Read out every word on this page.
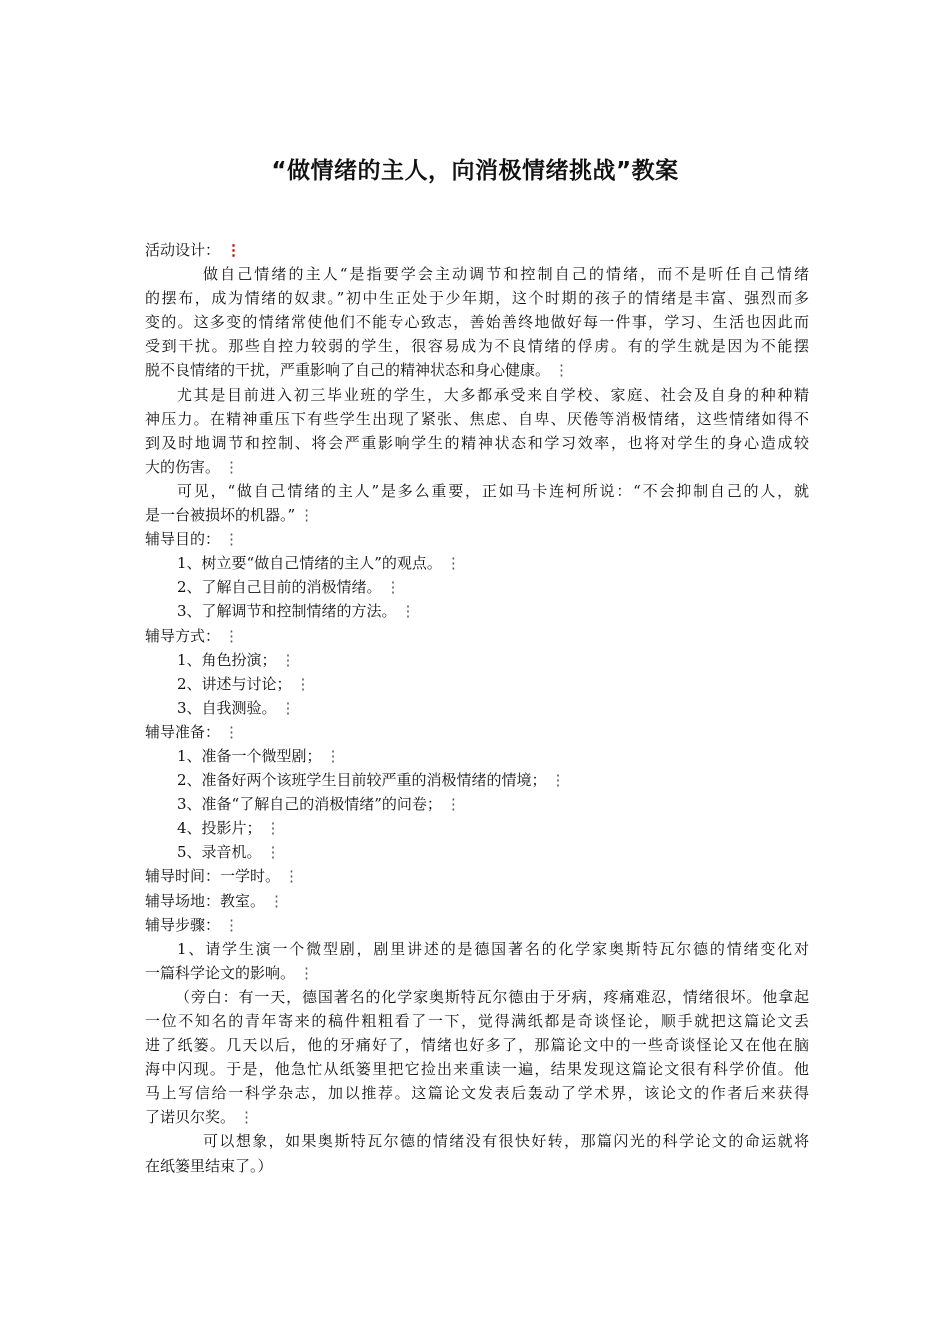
“做情绪的主人，向消极情绪挑战”教案
活动设计： ⋮
做自己情绪的主人“是指要学会主动调节和控制自己的情绪，而不是听任自己情绪
的摆布，成为情绪的奴隶。”初中生正处于少年期，这个时期的孩子的情绪是丰富、强烈而多
变的。这多变的情绪常使他们不能专心致志，善始善终地做好每一件事，学习、生活也因此而
受到干扰。那些自控力较弱的学生，很容易成为不良情绪的俘虏。有的学生就是因为不能摆
脱不良情绪的干扰，严重影响了自己的精神状态和身心健康。 ⋮
尤其是目前进入初三毕业班的学生，大多都承受来自学校、家庭、社会及自身的种种精
神压力。在精神重压下有些学生出现了紧张、焦虑、自卑、厌倦等消极情绪，这些情绪如得不
到及时地调节和控制、将会严重影响学生的精神状态和学习效率，也将对学生的身心造成较
大的伤害。 ⋮
可见，“做自己情绪的主人”是多么重要，正如马卡连柯所说：“不会抑制自己的人，就
是一台被损坏的机器。” ⋮
辅导目的： ⋮
1、树立要“做自己情绪的主人”的观点。 ⋮
2、了解自己目前的消极情绪。 ⋮
3、了解调节和控制情绪的方法。 ⋮
辅导方式： ⋮
1、角色扮演； ⋮
2、讲述与讨论； ⋮
3、自我测验。 ⋮
辅导准备： ⋮
1、准备一个微型剧； ⋮
2、准备好两个该班学生目前较严重的消极情绪的情境； ⋮
3、准备“了解自己的消极情绪”的问卷； ⋮
4、投影片； ⋮
5、录音机。 ⋮
辅导时间：一学时。 ⋮
辅导场地：教室。 ⋮
辅导步骤： ⋮
1、请学生演一个微型剧，剧里讲述的是德国著名的化学家奥斯特瓦尔德的情绪变化对
一篇科学论文的影响。 ⋮
（旁白：有一天，德国著名的化学家奥斯特瓦尔德由于牙病，疼痛难忍，情绪很坏。他拿起
一位不知名的青年寄来的稿件粗粗看了一下，觉得满纸都是奇谈怪论，顺手就把这篇论文丢
进了纸篓。几天以后，他的牙痛好了，情绪也好多了，那篇论文中的一些奇谈怪论又在他在脑
海中闪现。于是，他急忙从纸篓里把它捡出来重读一遍，结果发现这篇论文很有科学价值。他
马上写信给一科学杂志，加以推荐。这篇论文发表后轰动了学术界，该论文的作者后来获得
了诺贝尔奖。 ⋮
可以想象，如果奥斯特瓦尔德的情绪没有很快好转，那篇闪光的科学论文的命运就将
在纸篓里结束了。）
